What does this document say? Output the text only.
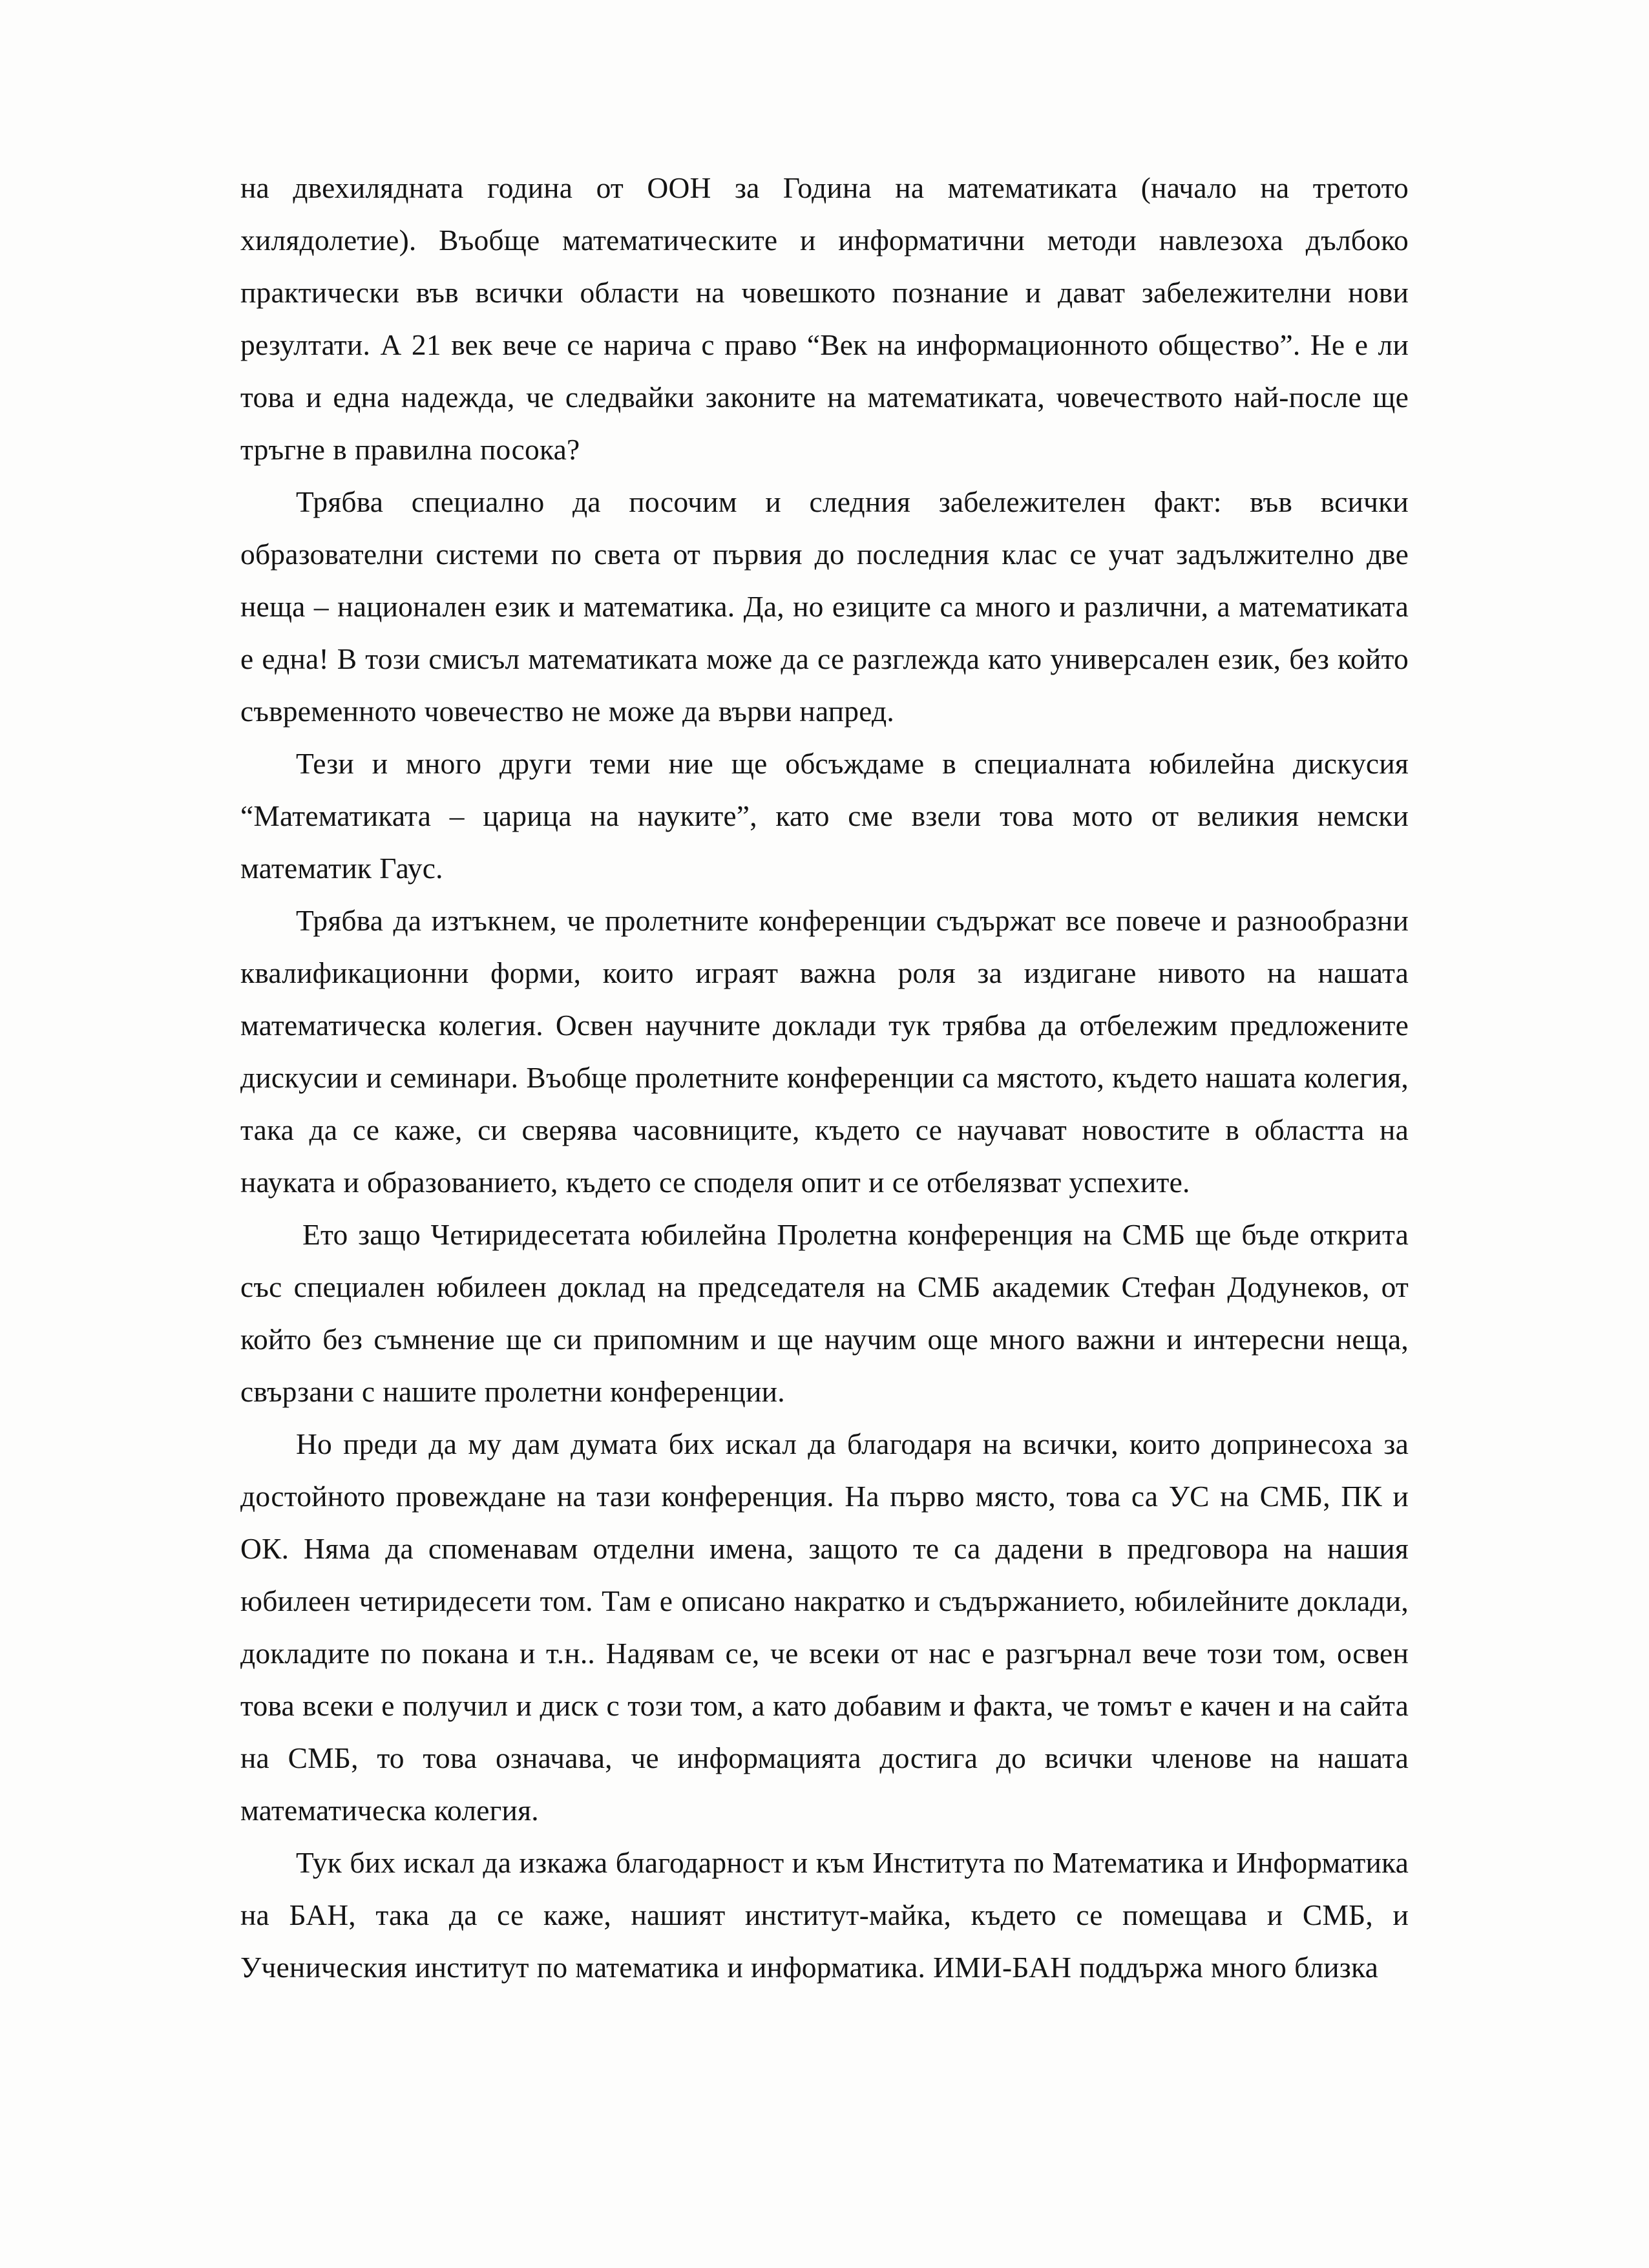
на двехилядната година от ООН за Година на математиката (начало на третото хилядолетие). Въобще математическите и информатични методи навлезоха дълбоко практически във всички области на човешкото познание и дават забележителни нови резултати. А 21 век вече се нарича с право “Век на информационното общество”. Не е ли това и една надежда, че следвайки законите на математиката, човечеството най-после ще тръгне в правилна посока?

Трябва специално да посочим и следния забележителен факт: във всички образователни системи по света от първия до последния клас се учат задължително две неща – национален език и математика. Да, но езиците са много и различни, а математиката е една! В този смисъл математиката може да се разглежда като универсален език, без който съвременното човечество не може да върви напред.

Тези и много други теми ние ще обсъждаме в специалната юбилейна дискусия “Математиката – царица на науките”, като сме взели това мото от великия немски математик Гаус.

Трябва да изтъкнем, че пролетните конференции съдържат все повече и разнообразни квалификационни форми, които играят важна роля за издигане нивото на нашата математическа колегия. Освен научните доклади тук трябва да отбележим предложените дискусии и семинари. Въобще пролетните конференции са мястото, където нашата колегия, така да се каже, си сверява часовниците, където се научават новостите в областта на науката и образованието, където се споделя опит и се отбелязват успехите.

Ето защо Четиридесетата юбилейна Пролетна конференция на СМБ ще бъде открита със специален юбилеен доклад на председателя на СМБ академик Стефан Додунеков, от който без съмнение ще си припомним и ще научим още много важни и интересни неща, свързани с нашите пролетни конференции.

Но преди да му дам думата бих искал да благодаря на всички, които допринесоха за достойното провеждане на тази конференция. На първо място, това са УС на СМБ, ПК и ОК. Няма да споменавам отделни имена, защото те са дадени в предговора на нашия юбилеен четиридесети том. Там е описано накратко и съдържанието, юбилейните доклади, докладите по покана и т.н.. Надявам се, че всеки от нас е разгърнал вече този том, освен това всеки е получил и диск с този том, а като добавим и факта, че томът е качен и на сайта на СМБ, то това означава, че информацията достига до всички членове на нашата математическа колегия.

Тук бих искал да изкажа благодарност и към Института по Математика и Информатика на БАН, така да се каже, нашият институт-майка, където се помещава и СМБ, и Ученическия институт по математика и информатика. ИМИ-БАН поддържа много близка
